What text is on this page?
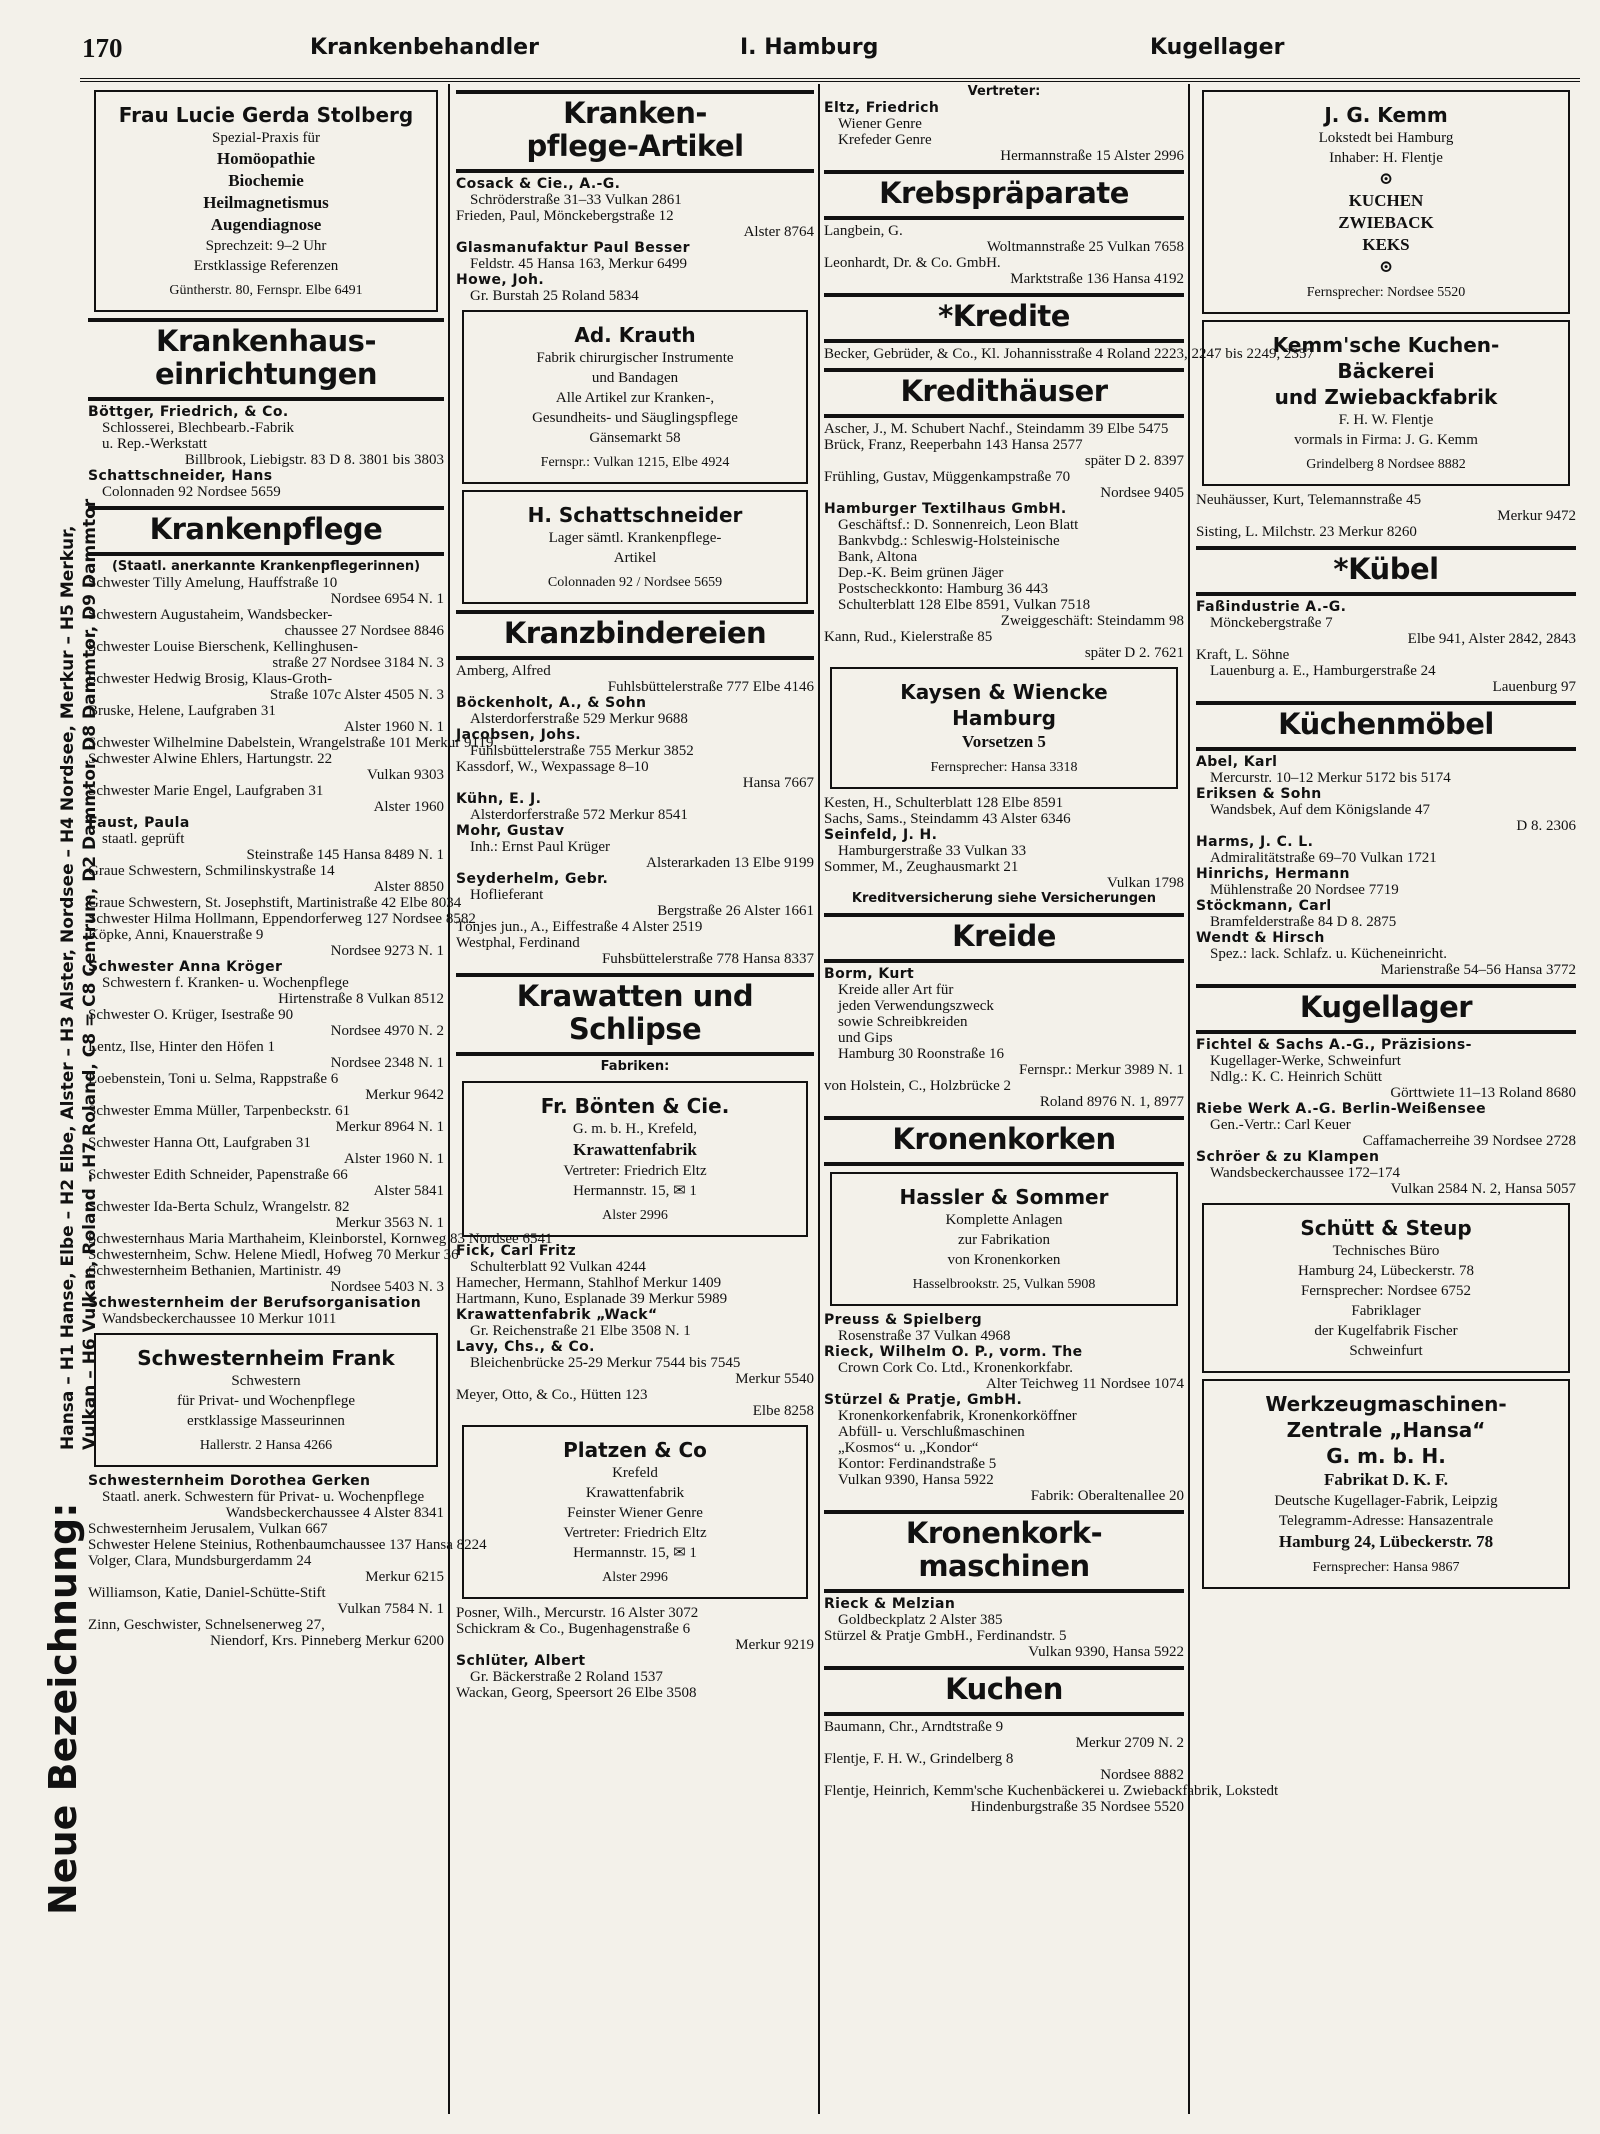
170	Krankenbehandler	I. Hamburg	Kugellager
Neue Bezeichnung:
Hansa – H1 Hanse, Elbe – H2 Elbe, Alster – H3 Alster, Nordsee – H4 Nordsee, Merkur – H5 Merkur, Vulkan – H6 Vulkan, Roland – H7 Roland, C8 = C8 Centrum, D2 Dammtor, D8 Dammtor, D9 Dammtor
Frau Lucie Gerda Stolberg
Spezial-Praxis für
Homöopathie
Biochemie
Heilmagnetismus
Augendiagnose
Sprechzeit: 9–2 Uhr
Erstklassige Referenzen
Güntherstr. 80, Fernspr. Elbe 6491
Krankenhaus-
einrichtungen
Böttger, Friedrich, & Co.
Schlosserei, Blechbearb.-Fabrik
u. Rep.-Werkstatt
Billbrook, Liebigstr. 83 D 8. 3801 bis 3803
Schattschneider, Hans
Colonnaden 92 Nordsee 5659
Krankenpflege
(Staatl. anerkannte Krankenpflegerinnen)
Schwester Tilly Amelung, Hauffstraße 10
Nordsee 6954 N. 1
Schwestern Augustaheim, Wandsbecker-
chaussee 27 Nordsee 8846
Schwester Louise Bierschenk, Kellinghusen-
straße 27 Nordsee 3184 N. 3
Schwester Hedwig Brosig, Klaus-Groth-
Straße 107c Alster 4505 N. 3
Bruske, Helene, Laufgraben 31
Alster 1960 N. 1
Schwester Wilhelmine Dabelstein, Wrangelstraße 101 Merkur 9119
Schwester Alwine Ehlers, Hartungstr. 22
Vulkan 9303
Schwester Marie Engel, Laufgraben 31
Alster 1960
Faust, Paula
staatl. geprüft
Steinstraße 145 Hansa 8489 N. 1
Graue Schwestern, Schmilinskystraße 14
Alster 8850
Graue Schwestern, St. Josephstift, Martinistraße 42 Elbe 8034
Schwester Hilma Hollmann, Eppendorferweg 127 Nordsee 8582
Köpke, Anni, Knauerstraße 9
Nordsee 9273 N. 1
Schwester Anna Kröger
Schwestern f. Kranken- u. Wochenpflege
Hirtenstraße 8 Vulkan 8512
Schwester O. Krüger, Isestraße 90
Nordsee 4970 N. 2
Lentz, Ilse, Hinter den Höfen 1
Nordsee 2348 N. 1
Loebenstein, Toni u. Selma, Rappstraße 6
Merkur 9642
Schwester Emma Müller, Tarpenbeckstr. 61
Merkur 8964 N. 1
Schwester Hanna Ott, Laufgraben 31
Alster 1960 N. 1
Schwester Edith Schneider, Papenstraße 66
Alster 5841
Schwester Ida-Berta Schulz, Wrangelstr. 82
Merkur 3563 N. 1
Schwesternhaus Maria Marthaheim, Kleinborstel, Kornweg 83 Nordsee 6541
Schwesternheim, Schw. Helene Miedl, Hofweg 70 Merkur 36
Schwesternheim Bethanien, Martinistr. 49
Nordsee 5403 N. 3
Schwesternheim der Berufsorganisation
Wandsbeckerchaussee 10 Merkur 1011
Schwesternheim Frank
Schwestern
für Privat- und Wochenpflege
erstklassige Masseurinnen
Hallerstr. 2 Hansa 4266
Schwesternheim Dorothea Gerken
Staatl. anerk. Schwestern für Privat- u. Wochenpflege
Wandsbeckerchaussee 4 Alster 8341
Schwesternheim Jerusalem, Vulkan 667
Schwester Helene Steinius, Rothenbaumchaussee 137 Hansa 8224
Volger, Clara, Mundsburgerdamm 24
Merkur 6215
Williamson, Katie, Daniel-Schütte-Stift
Vulkan 7584 N. 1
Zinn, Geschwister, Schnelsenerweg 27,
Niendorf, Krs. Pinneberg Merkur 6200
Kranken-
pflege-Artikel
Cosack & Cie., A.-G.
Schröderstraße 31–33 Vulkan 2861
Frieden, Paul, Mönckebergstraße 12
Alster 8764
Glasmanufaktur Paul Besser
Feldstr. 45 Hansa 163, Merkur 6499
Howe, Joh.
Gr. Burstah 25 Roland 5834
Ad. Krauth
Fabrik chirurgischer Instrumente
und Bandagen
Alle Artikel zur Kranken-,
Gesundheits- und Säuglingspflege
Gänsemarkt 58
Fernspr.: Vulkan 1215, Elbe 4924
H. Schattschneider
Lager sämtl. Krankenpflege-
Artikel
Colonnaden 92 / Nordsee 5659
Kranzbindereien
Amberg, Alfred
Fuhlsbüttelerstraße 777 Elbe 4146
Böckenholt, A., & Sohn
Alsterdorferstraße 529 Merkur 9688
Jacobsen, Johs.
Fuhlsbüttelerstraße 755 Merkur 3852
Kassdorf, W., Wexpassage 8–10
Hansa 7667
Kühn, E. J.
Alsterdorferstraße 572 Merkur 8541
Mohr, Gustav
Inh.: Ernst Paul Krüger
Alsterarkaden 13 Elbe 9199
Seyderhelm, Gebr.
Hoflieferant
Bergstraße 26 Alster 1661
Tönjes jun., A., Eiffestraße 4 Alster 2519
Westphal, Ferdinand
Fuhsbüttelerstraße 778 Hansa 8337
Krawatten und
Schlipse
Fabriken:
Fr. Bönten & Cie.
G. m. b. H., Krefeld,
Krawattenfabrik
Vertreter: Friedrich Eltz
Hermannstr. 15, ✉ 1
Alster 2996
Fick, Carl Fritz
Schulterblatt 92 Vulkan 4244
Hamecher, Hermann, Stahlhof Merkur 1409
Hartmann, Kuno, Esplanade 39 Merkur 5989
Krawattenfabrik „Wack“
Gr. Reichenstraße 21 Elbe 3508 N. 1
Lavy, Chs., & Co.
Bleichenbrücke 25-29 Merkur 7544 bis 7545
Merkur 5540
Meyer, Otto, & Co., Hütten 123
Elbe 8258
Platzen & Co
Krefeld
Krawattenfabrik
Feinster Wiener Genre
Vertreter: Friedrich Eltz
Hermannstr. 15, ✉ 1
Alster 2996
Posner, Wilh., Mercurstr. 16 Alster 3072
Schickram & Co., Bugenhagenstraße 6
Merkur 9219
Schlüter, Albert
Gr. Bäckerstraße 2 Roland 1537
Wackan, Georg, Speersort 26 Elbe 3508
Vertreter:
Eltz, Friedrich
Wiener Genre
Krefeder Genre
Hermannstraße 15 Alster 2996
Krebspräparate
Langbein, G.
Woltmannstraße 25 Vulkan 7658
Leonhardt, Dr. & Co. GmbH.
Marktstraße 136 Hansa 4192
*Kredite
Becker, Gebrüder, & Co., Kl. Johannisstraße 4 Roland 2223, 2247 bis 2249, 2357
Kredithäuser
Ascher, J., M. Schubert Nachf., Steindamm 39 Elbe 5475
Brück, Franz, Reeperbahn 143 Hansa 2577
später D 2. 8397
Frühling, Gustav, Müggenkampstraße 70
Nordsee 9405
Hamburger Textilhaus GmbH.
Geschäftsf.: D. Sonnenreich, Leon Blatt
Bankvbdg.: Schleswig-Holsteinische
Bank, Altona
Dep.-K. Beim grünen Jäger
Postscheckkonto: Hamburg 36 443
Schulterblatt 128 Elbe 8591, Vulkan 7518
Zweiggeschäft: Steindamm 98
Kann, Rud., Kielerstraße 85
später D 2. 7621
Kaysen & Wiencke
Hamburg
Vorsetzen 5
Fernsprecher: Hansa 3318
Kesten, H., Schulterblatt 128 Elbe 8591
Sachs, Sams., Steindamm 43 Alster 6346
Seinfeld, J. H.
Hamburgerstraße 33 Vulkan 33
Sommer, M., Zeughausmarkt 21
Vulkan 1798
Kreditversicherung siehe Versicherungen
Kreide
Borm, Kurt
Kreide aller Art für
jeden Verwendungszweck
sowie Schreibkreiden
und Gips
Hamburg 30 Roonstraße 16
Fernspr.: Merkur 3989 N. 1
von Holstein, C., Holzbrücke 2
Roland 8976 N. 1, 8977
Kronenkorken
Hassler & Sommer
Komplette Anlagen
zur Fabrikation
von Kronenkorken
Hasselbrookstr. 25, Vulkan 5908
Preuss & Spielberg
Rosenstraße 37 Vulkan 4968
Rieck, Wilhelm O. P., vorm. The
Crown Cork Co. Ltd., Kronenkorkfabr.
Alter Teichweg 11 Nordsee 1074
Stürzel & Pratje, GmbH.
Kronenkorkenfabrik, Kronenkorköffner
Abfüll- u. Verschlußmaschinen
„Kosmos“ u. „Kondor“
Kontor: Ferdinandstraße 5
Vulkan 9390, Hansa 5922
Fabrik: Oberaltenallee 20
Kronenkork-
maschinen
Rieck & Melzian
Goldbeckplatz 2 Alster 385
Stürzel & Pratje GmbH., Ferdinandstr. 5
Vulkan 9390, Hansa 5922
Kuchen
Baumann, Chr., Arndtstraße 9
Merkur 2709 N. 2
Flentje, F. H. W., Grindelberg 8
Nordsee 8882
Flentje, Heinrich, Kemm'sche Kuchenbäckerei u. Zwiebackfabrik, Lokstedt
Hindenburgstraße 35 Nordsee 5520
J. G. Kemm
Lokstedt bei Hamburg
Inhaber: H. Flentje
⊙
KUCHEN
ZWIEBACK
KEKS
⊙
Fernsprecher: Nordsee 5520
Kemm'sche Kuchen-
Bäckerei
und Zwiebackfabrik
F. H. W. Flentje
vormals in Firma: J. G. Kemm
Grindelberg 8 Nordsee 8882
Neuhäusser, Kurt, Telemannstraße 45
Merkur 9472
Sisting, L. Milchstr. 23 Merkur 8260
*Kübel
Faßindustrie A.-G.
Mönckebergstraße 7
Elbe 941, Alster 2842, 2843
Kraft, L. Söhne
Lauenburg a. E., Hamburgerstraße 24
Lauenburg 97
Küchenmöbel
Abel, Karl
Mercurstr. 10–12 Merkur 5172 bis 5174
Eriksen & Sohn
Wandsbek, Auf dem Königslande 47
D 8. 2306
Harms, J. C. L.
Admiralitätstraße 69–70 Vulkan 1721
Hinrichs, Hermann
Mühlenstraße 20 Nordsee 7719
Stöckmann, Carl
Bramfelderstraße 84 D 8. 2875
Wendt & Hirsch
Spez.: lack. Schlafz. u. Kücheneinricht.
Marienstraße 54–56 Hansa 3772
Kugellager
Fichtel & Sachs A.-G., Präzisions-
Kugellager-Werke, Schweinfurt
Ndlg.: K. C. Heinrich Schütt
Görttwiete 11–13 Roland 8680
Riebe Werk A.-G. Berlin-Weißensee
Gen.-Vertr.: Carl Keuer
Caffamacherreihe 39 Nordsee 2728
Schröer & zu Klampen
Wandsbeckerchaussee 172–174
Vulkan 2584 N. 2, Hansa 5057
Schütt & Steup
Technisches Büro
Hamburg 24, Lübeckerstr. 78
Fernsprecher: Nordsee 6752
Fabriklager
der Kugelfabrik Fischer
Schweinfurt
Werkzeugmaschinen-
Zentrale „Hansa“
G. m. b. H.
Fabrikat D. K. F.
Deutsche Kugellager-Fabrik, Leipzig
Telegramm-Adresse: Hansazentrale
Hamburg 24, Lübeckerstr. 78
Fernsprecher: Hansa 9867
